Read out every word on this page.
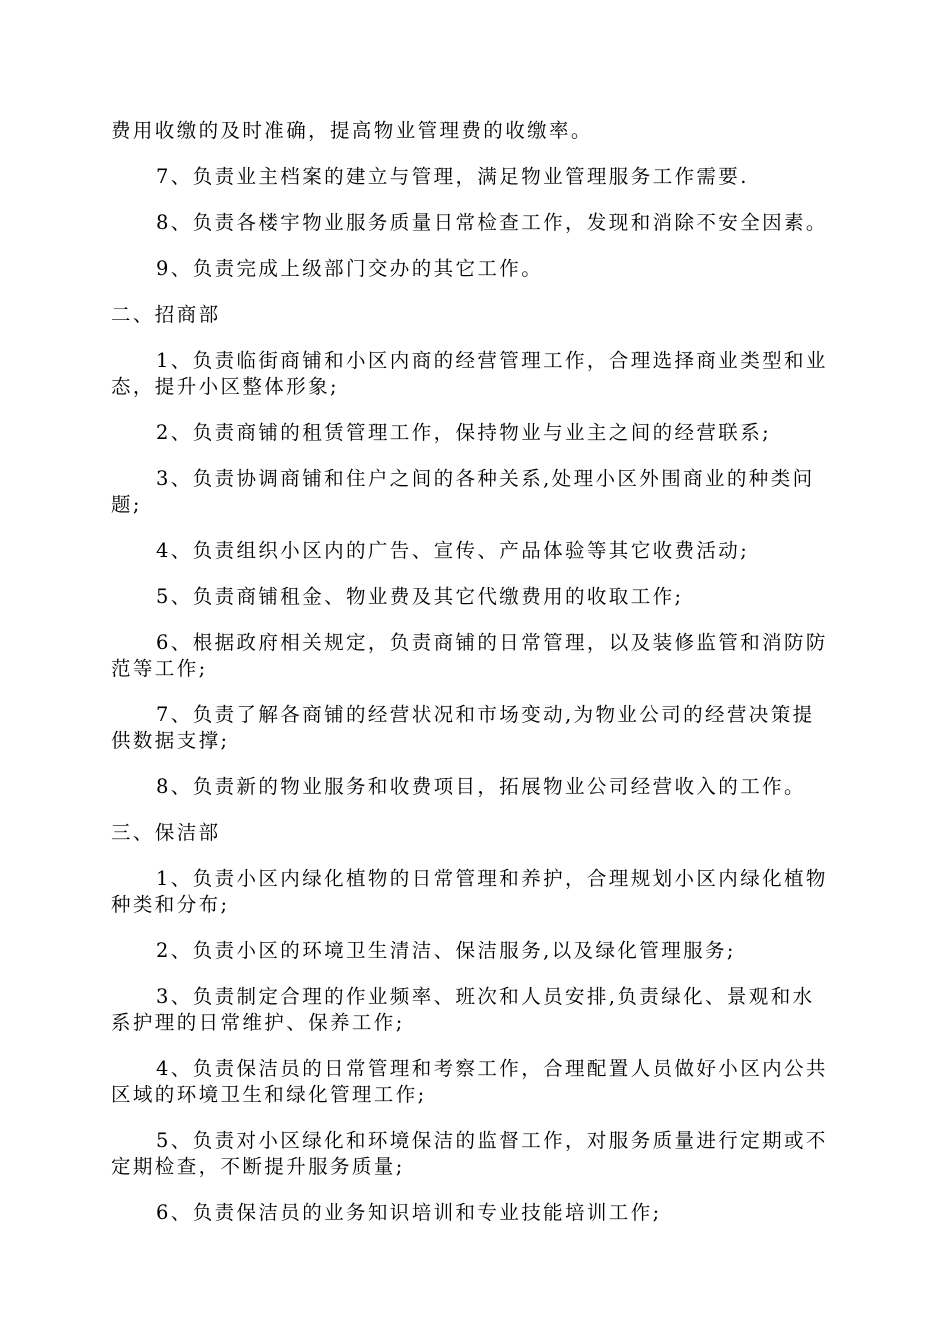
费用收缴的及时准确，提高物业管理费的收缴率。
7、负责业主档案的建立与管理，满足物业管理服务工作需要.
8、负责各楼宇物业服务质量日常检查工作，发现和消除不安全因素。
9、负责完成上级部门交办的其它工作。
二、招商部
1、负责临街商铺和小区内商的经营管理工作，合理选择商业类型和业
态，提升小区整体形象;
2、负责商铺的租赁管理工作，保持物业与业主之间的经营联系;
3、负责协调商铺和住户之间的各种关系,处理小区外围商业的种类问
题;
4、负责组织小区内的广告、宣传、产品体验等其它收费活动;
5、负责商铺租金、物业费及其它代缴费用的收取工作;
6、根据政府相关规定，负责商铺的日常管理，以及装修监管和消防防
范等工作;
7、负责了解各商铺的经营状况和市场变动,为物业公司的经营决策提
供数据支撑;
8、负责新的物业服务和收费项目，拓展物业公司经营收入的工作。
三、保洁部
1、负责小区内绿化植物的日常管理和养护，合理规划小区内绿化植物
种类和分布;
2、负责小区的环境卫生清洁、保洁服务,以及绿化管理服务;
3、负责制定合理的作业频率、班次和人员安排,负责绿化、景观和水
系护理的日常维护、保养工作;
4、负责保洁员的日常管理和考察工作，合理配置人员做好小区内公共
区域的环境卫生和绿化管理工作;
5、负责对小区绿化和环境保洁的监督工作，对服务质量进行定期或不
定期检查，不断提升服务质量;
6、负责保洁员的业务知识培训和专业技能培训工作;
